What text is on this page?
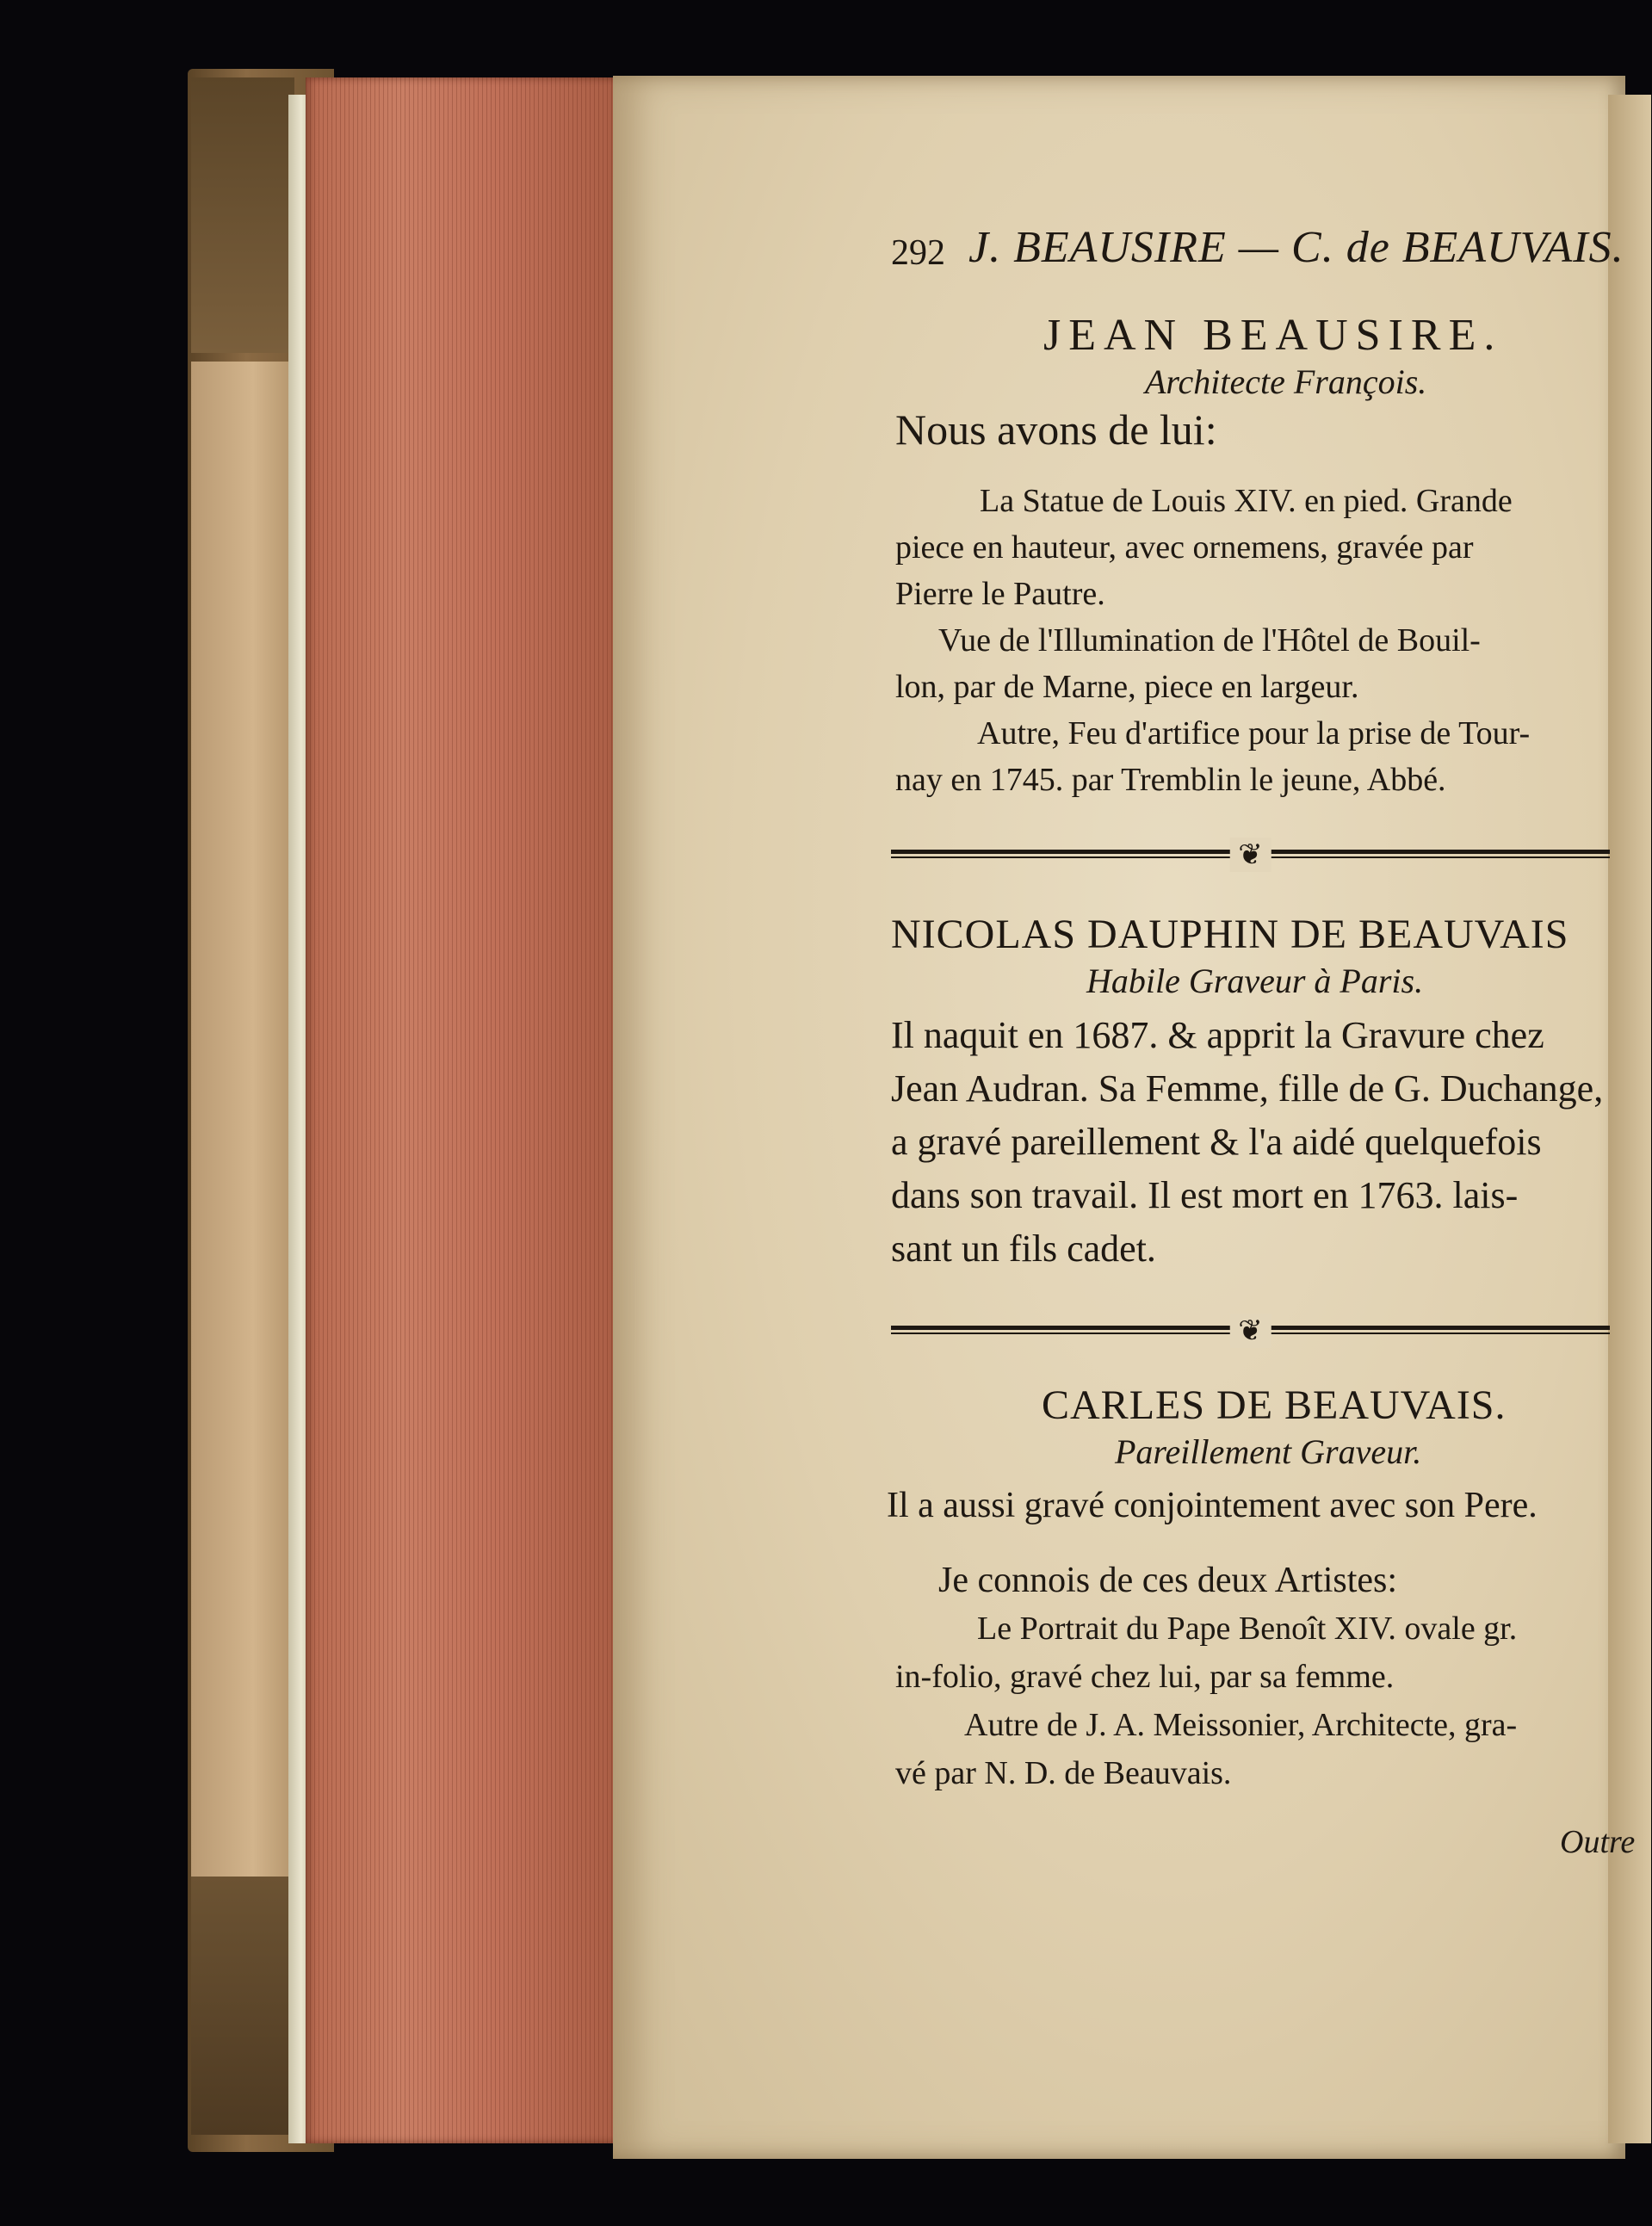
292 J. BEAUSIRE — C. de BEAUVAIS.
JEAN BEAUSIRE.
Architecte François.
Nous avons de lui:

La Statue de Louis XIV. en pied. Grande

piece en hauteur, avec ornemens, gravée par

Pierre le Pautre.

Vue de l'Illumination de l'Hôtel de Bouil-

lon, par de Marne, piece en largeur.

Autre, Feu d'artifice pour la prise de Tour-

nay en 1745. par Tremblin le jeune, Abbé.

❦
NICOLAS DAUPHIN DE BEAUVAIS
Habile Graveur à Paris.

Il naquit en 1687. & apprit la Gravure chez

Jean Audran. Sa Femme, fille de G. Duchange,

a gravé pareillement & l'a aidé quelquefois

dans son travail. Il est mort en 1763. lais-

sant un fils cadet.

❦
CARLES DE BEAUVAIS.
Pareillement Graveur.
Il a aussi gravé conjointement avec son Pere.

Je connois de ces deux Artistes:

Le Portrait du Pape Benoît XIV. ovale gr.

in-folio, gravé chez lui, par sa femme.

Autre de J. A. Meissonier, Architecte, gra-

vé par N. D. de Beauvais.

Outre
